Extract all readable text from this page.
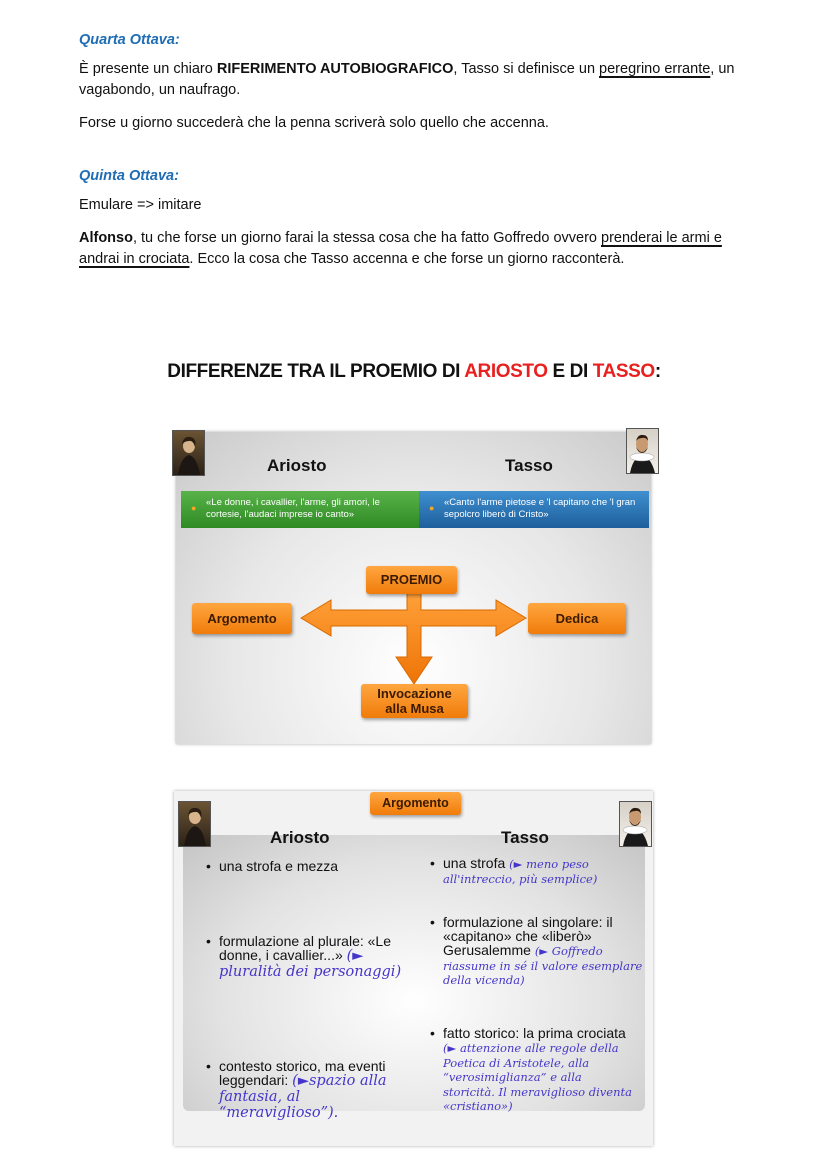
Quarta Ottava:
È presente un chiaro RIFERIMENTO AUTOBIOGRAFICO, Tasso si definisce un peregrino errante, un vagabondo, un naufrago.
Forse u giorno succederà che la penna scriverà solo quello che accenna.
Quinta Ottava:
Emulare => imitare
Alfonso, tu che forse un giorno farai la stessa cosa che ha fatto Goffredo ovvero prenderai le armi e andrai in crociata. Ecco la cosa che Tasso accenna e che forse un giorno racconterà.
DIFFERENZE TRA IL PROEMIO DI ARIOSTO E DI TASSO:
Ariosto	Tasso
● «Le donne, i cavallier, l'arme, gli amori, le cortesie, l'audaci imprese io canto»
● «Canto l'arme pietose e 'l capitano che 'l gran sepolcro liberò di Cristo»
PROEMIO
Argomento	Dedica
Invocazione
alla Musa
Argomento
Ariosto	Tasso
• una strofa e mezza
• formulazione al plurale: «Le donne, i cavallier...» (► pluralità dei personaggi)
• contesto storico, ma eventi leggendari: (►spazio alla fantasia, al “meraviglioso”).
• una strofa (► meno peso all'intreccio, più semplice)
• formulazione al singolare: il «capitano» che «liberò» Gerusalemme (► Goffredo riassume in sé il valore esemplare della vicenda)
• fatto storico: la prima crociata (► attenzione alle regole della Poetica di Aristotele, alla “verosimiglianza” e alla storicità. Il meraviglioso diventa «cristiano»)
